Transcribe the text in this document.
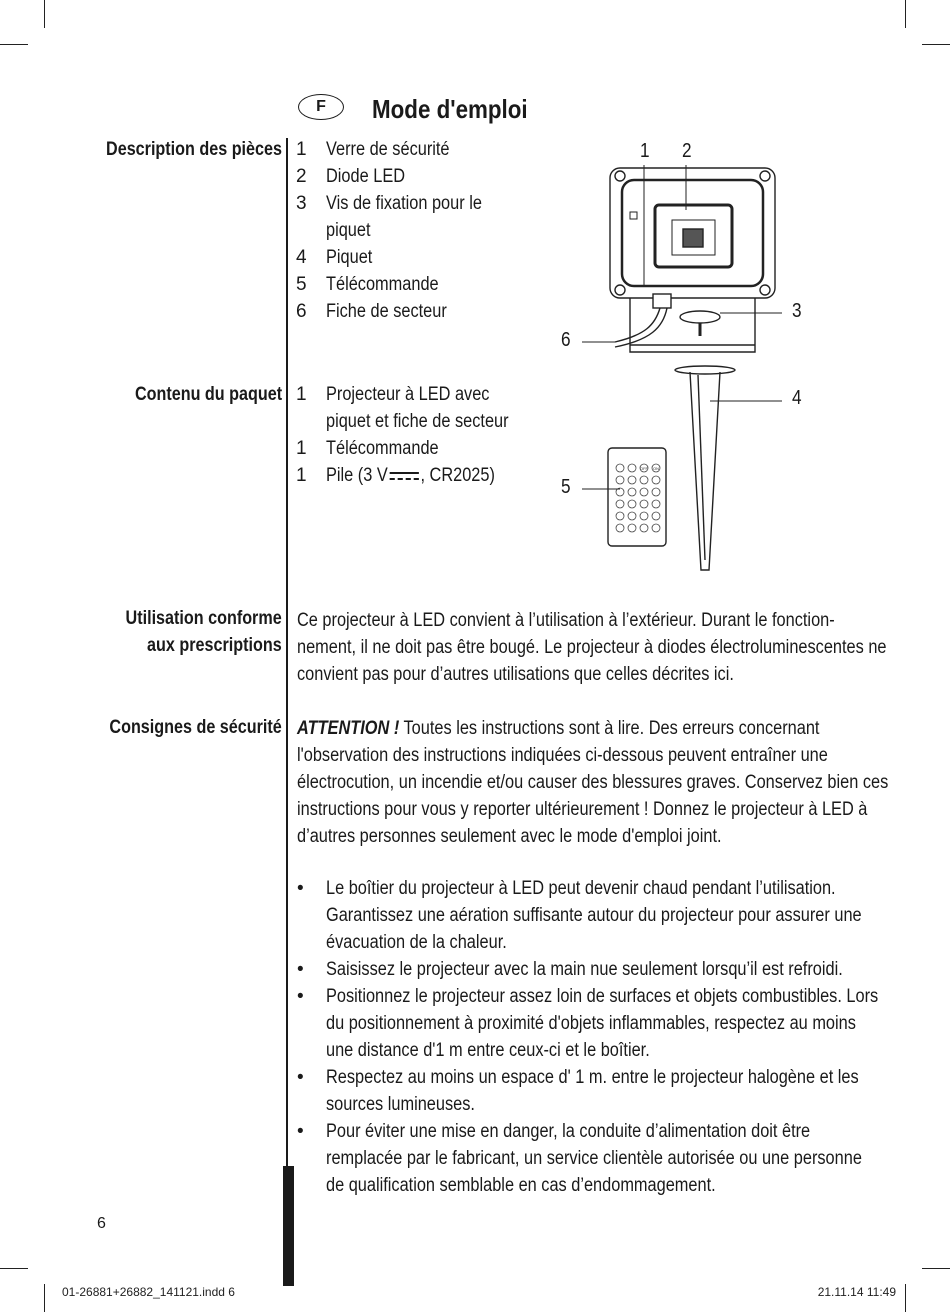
F	Mode d'emploi
Description des pièces 1 Verre de sécurité
2 Diode LED
3 Vis de fixation pour le
piquet
4 Piquet
5 Télécommande
6 Fiche de secteur
Contenu du paquet 1 Projecteur à LED avec
piquet et fiche de secteur
1 Télécommande
1 Pile (3 V , CR2025)
Utilisation conforme
aux prescriptions
Ce projecteur à LED convient à l’utilisation à l’extérieur. Durant le fonction-
nement, il ne doit pas être bougé. Le projecteur à diodes électroluminescentes ne
convient pas pour d’autres utilisations que celles décrites ici.
Consignes de sécurité ATTENTION ! Toutes les instructions sont à lire. Des erreurs concernant
l'observation des instructions indiquées ci-dessous peuvent entraîner une
électrocution, un incendie et/ou causer des blessures graves. Conservez bien ces
instructions pour vous y reporter ultérieurement ! Donnez le projecteur à LED à
d’autres personnes seulement avec le mode d'emploi joint.
• Le boîtier du projecteur à LED peut devenir chaud pendant l’utilisation.
Garantissez une aération suffisante autour du projecteur pour assurer une
évacuation de la chaleur.
• Saisissez le projecteur avec la main nue seulement lorsqu’il est refroidi.
• Positionnez le projecteur assez loin de surfaces et objets combustibles. Lors
du positionnement à proximité d'objets inflammables, respectez au moins
une distance d'1 m entre ceux-ci et le boîtier.
• Respectez au moins un espace d' 1 m. entre le projecteur halogène et les
sources lumineuses.
• Pour éviter une mise en danger, la conduite d’alimentation doit être
remplacée par le fabricant, un service clientèle autorisée ou une personne
de qualification semblable en cas d’endommagement.
OFF ON
1 2
3
4
5
6
6
01-26881+26882_141121.indd 6	21.11.14 11:49
